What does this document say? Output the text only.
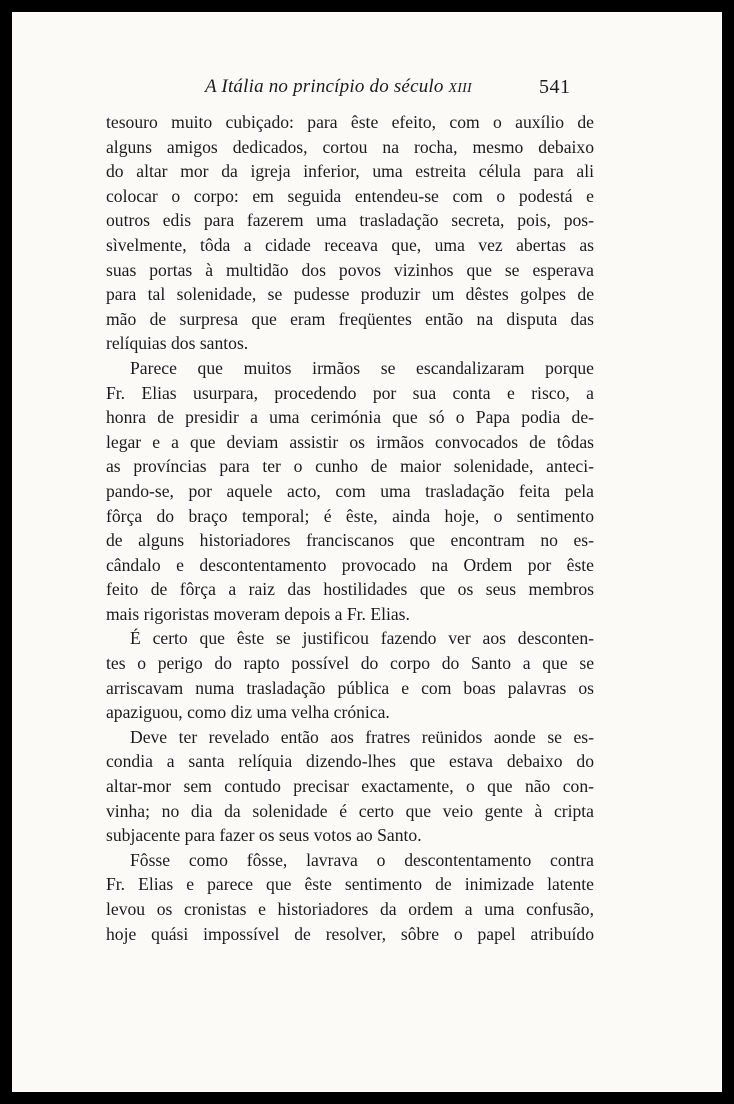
A Itália no princípio do século XIII	541
tesouro muito cubiçado: para êste efeito, com o auxílio de
alguns amigos dedicados, cortou na rocha, mesmo debaixo
do altar mor da igreja inferior, uma estreita célula para ali
colocar o corpo: em seguida entendeu-se com o podestá e
outros edis para fazerem uma trasladação secreta, pois, pos-
sìvelmente, tôda a cidade receava que, uma vez abertas as
suas portas à multidão dos povos vizinhos que se esperava
para tal solenidade, se pudesse produzir um dêstes golpes de
mão de surpresa que eram freqüentes então na disputa das
relíquias dos santos.
Parece que muitos irmãos se escandalizaram porque
Fr. Elias usurpara, procedendo por sua conta e risco, a
honra de presidir a uma cerimónia que só o Papa podia de-
legar e a que deviam assistir os irmãos convocados de tôdas
as províncias para ter o cunho de maior solenidade, anteci-
pando-se, por aquele acto, com uma trasladação feita pela
fôrça do braço temporal; é êste, ainda hoje, o sentimento
de alguns historiadores franciscanos que encontram no es-
cândalo e descontentamento provocado na Ordem por êste
feito de fôrça a raiz das hostilidades que os seus membros
mais rigoristas moveram depois a Fr. Elias.
É certo que êste se justificou fazendo ver aos desconten-
tes o perigo do rapto possível do corpo do Santo a que se
arriscavam numa trasladação pública e com boas palavras os
apaziguou, como diz uma velha crónica.
Deve ter revelado então aos fratres reünidos aonde se es-
condia a santa relíquia dizendo-lhes que estava debaixo do
altar-mor sem contudo precisar exactamente, o que não con-
vinha; no dia da solenidade é certo que veio gente à cripta
subjacente para fazer os seus votos ao Santo.
Fôsse como fôsse, lavrava o descontentamento contra
Fr. Elias e parece que êste sentimento de inimizade latente
levou os cronistas e historiadores da ordem a uma confusão,
hoje quási impossível de resolver, sôbre o papel atribuído
